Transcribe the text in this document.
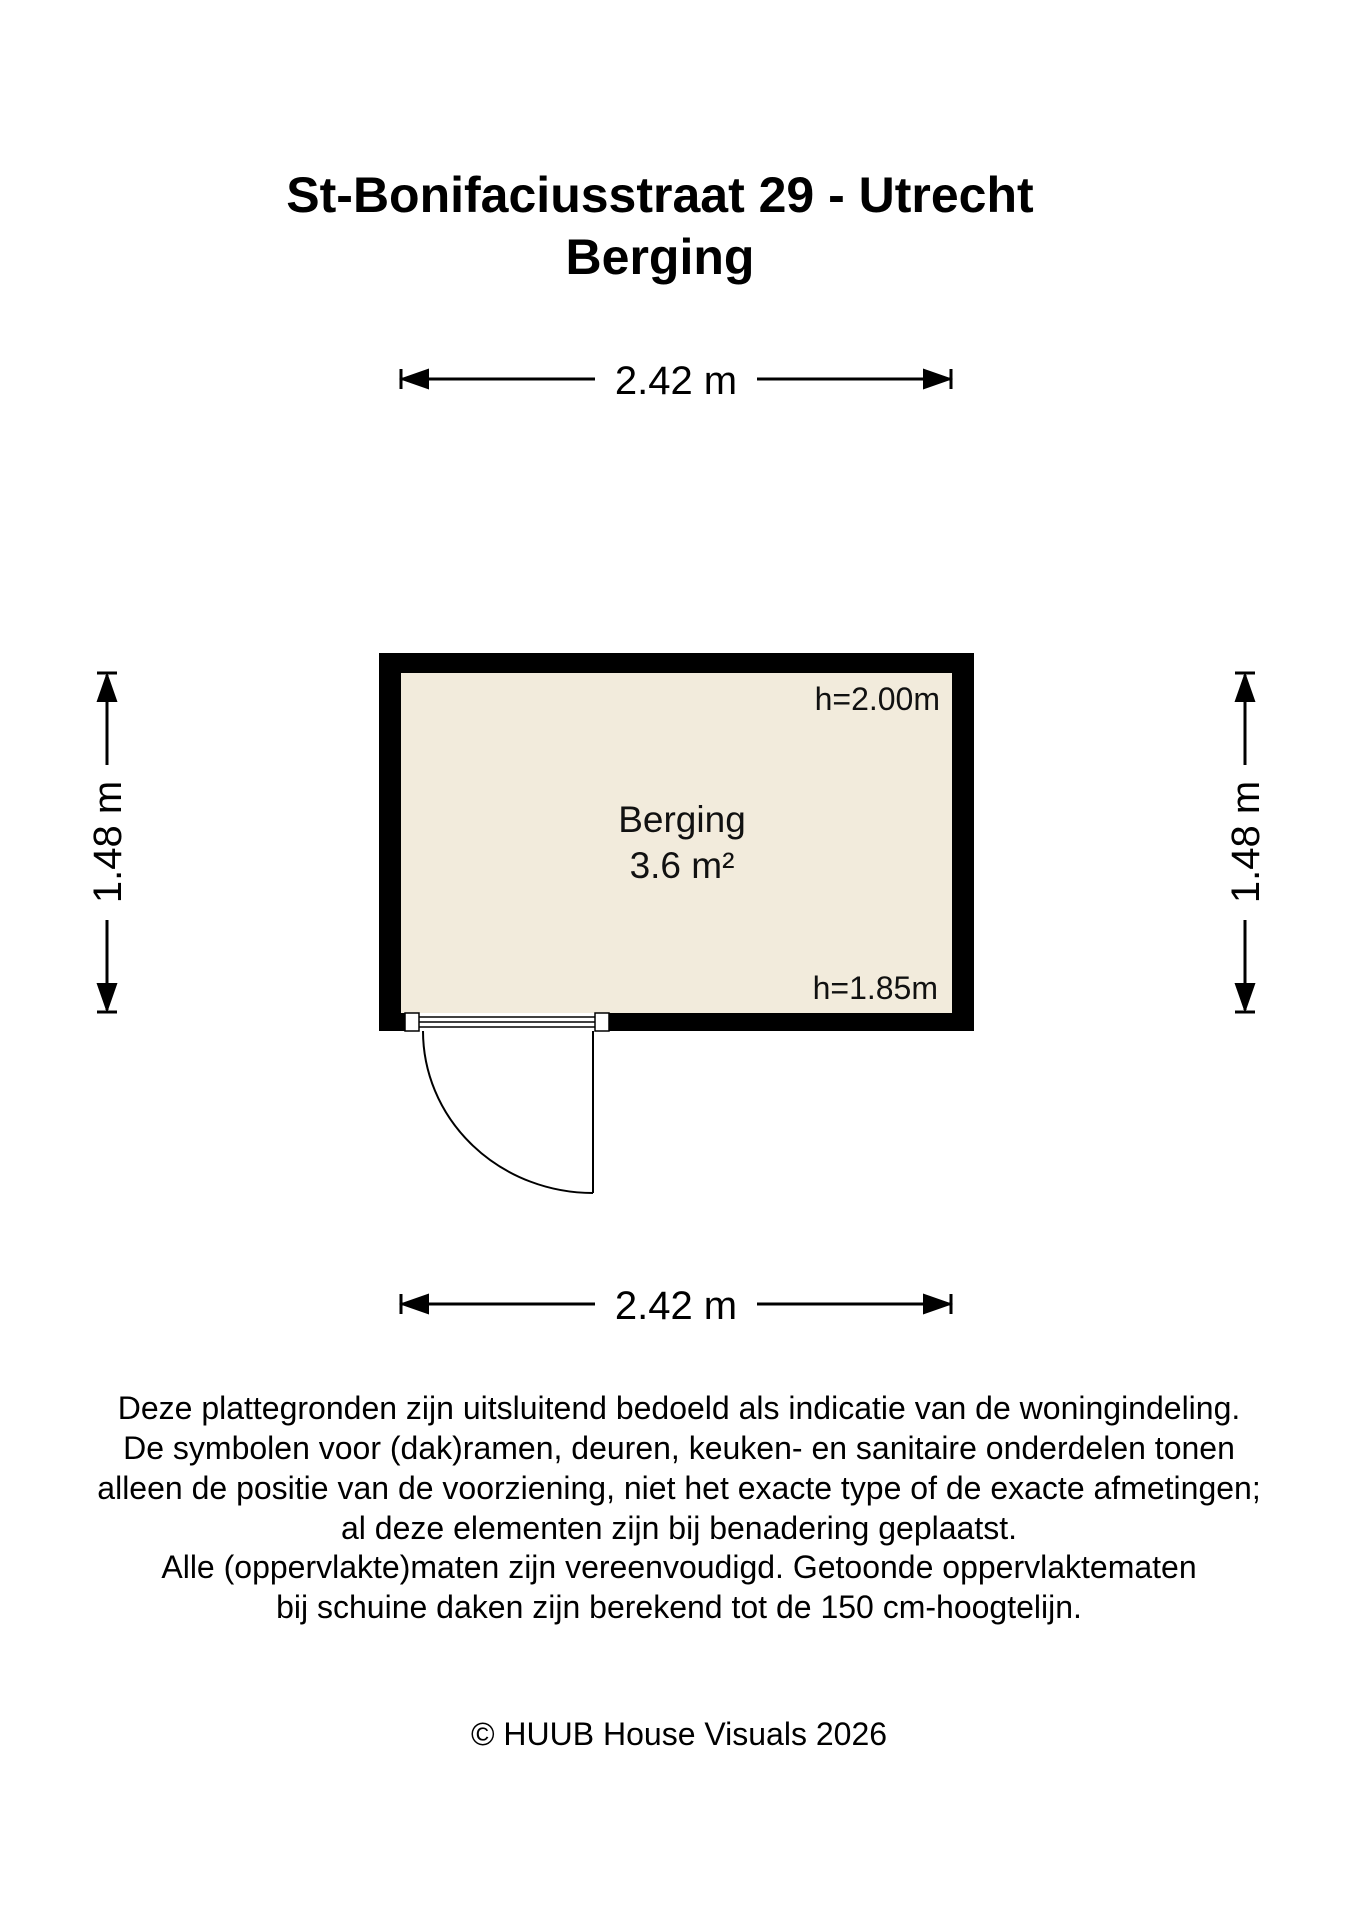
St-Bonifaciusstraat 29 - Utrecht
Berging
2.42 m
2.42 m
1.48 m	1.48 m
Berging
3.6 m²
h=2.00m
h=1.85m
Deze plattegronden zijn uitsluitend bedoeld als indicatie van de woningindeling.
De symbolen voor (dak)ramen, deuren, keuken- en sanitaire onderdelen tonen
alleen de positie van de voorziening, niet het exacte type of de exacte afmetingen;
al deze elementen zijn bij benadering geplaatst.
Alle (oppervlakte)maten zijn vereenvoudigd. Getoonde oppervlaktematen
bij schuine daken zijn berekend tot de 150 cm-hoogtelijn.
© HUUB House Visuals 2026
